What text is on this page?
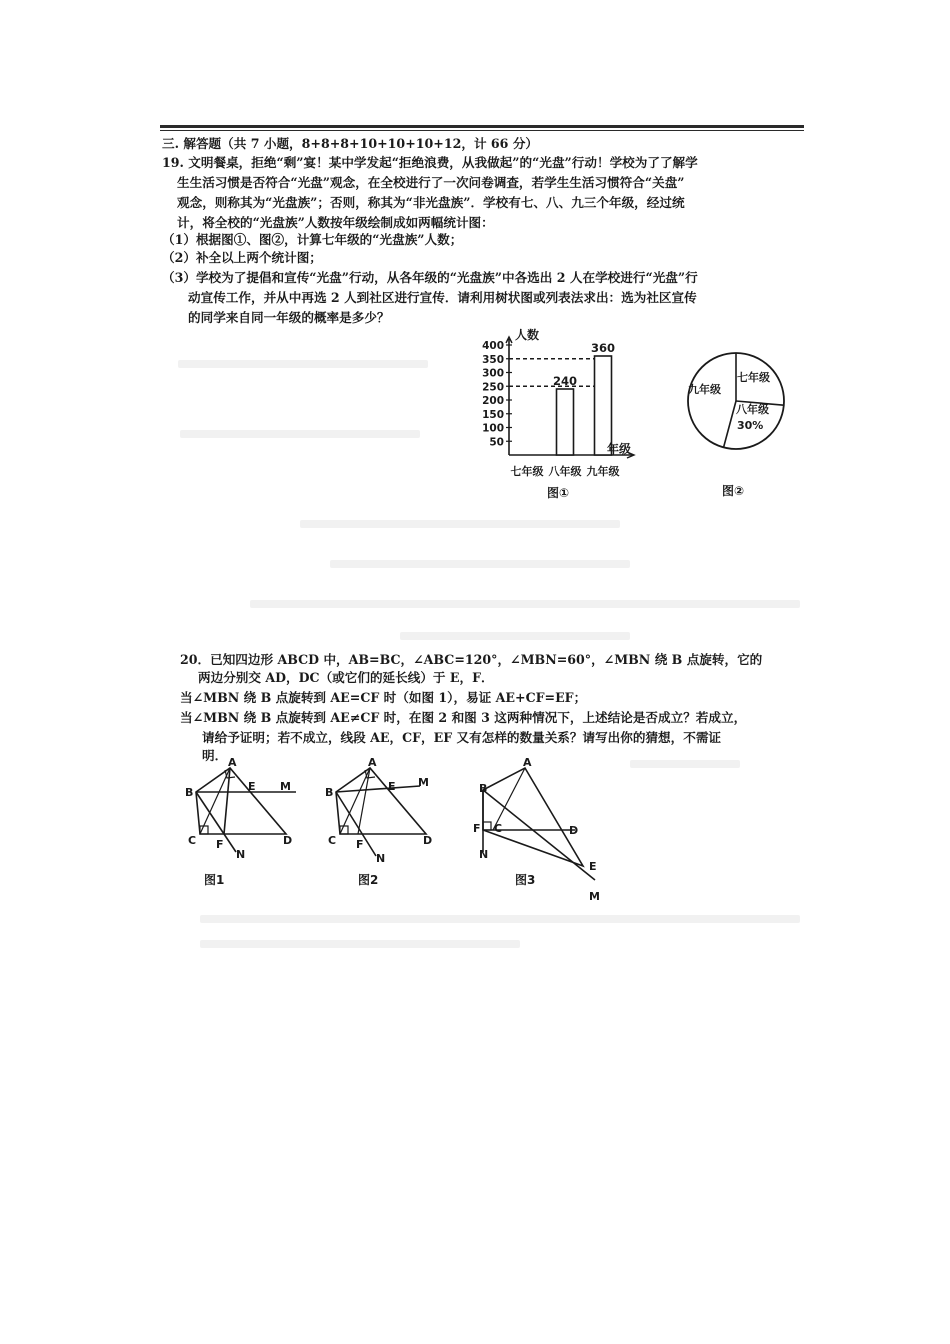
三. 解答题（共 7 小题，8+8+8+10+10+10+12，计 66 分）
19. 文明餐桌，拒绝“剩”宴！某中学发起“拒绝浪费，从我做起”的“光盘”行动！学校为了了解学
生生活习惯是否符合“光盘”观念，在全校进行了一次问卷调查，若学生生活习惯符合“关盘”
观念，则称其为“光盘族”；否则，称其为“非光盘族”．学校有七、八、九三个年级，经过统
计，将全校的“光盘族”人数按年级绘制成如两幅统计图：
（1）根据图①、图②，计算七年级的“光盘族”人数；
（2）补全以上两个统计图；
（3）学校为了提倡和宣传“光盘”行动，从各年级的“光盘族”中各选出 2 人在学校进行“光盘”行
动宣传工作，并从中再选 2 人到社区进行宣传．请利用树状图或列表法求出：选为社区宣传
的同学来自同一年级的概率是多少？
50
100
150
200
250
300
350
400
七年级
240
八年级
360
九年级
人数
年级
图①
七年级
九年级
八年级
30%
图②
20．已知四边形 ABCD 中，AB=BC，∠ABC=120°，∠MBN=60°，∠MBN 绕 B 点旋转，它的
两边分别交 AD，DC（或它们的延长线）于 E，F．
当∠MBN 绕 B 点旋转到 AE=CF 时（如图 1），易证 AE+CF=EF；
当∠MBN 绕 B 点旋转到 AE≠CF 时，在图 2 和图 3 这两种情况下，上述结论是否成立？若成立，
请给予证明；若不成立，线段 AE，CF，EF 又有怎样的数量关系？请写出你的猜想，不需证
明． A
B	E M
C F
N
D
图1
A
B	E M
C F
N
D
图2
A
B
F C	D
N
E
M
图3
